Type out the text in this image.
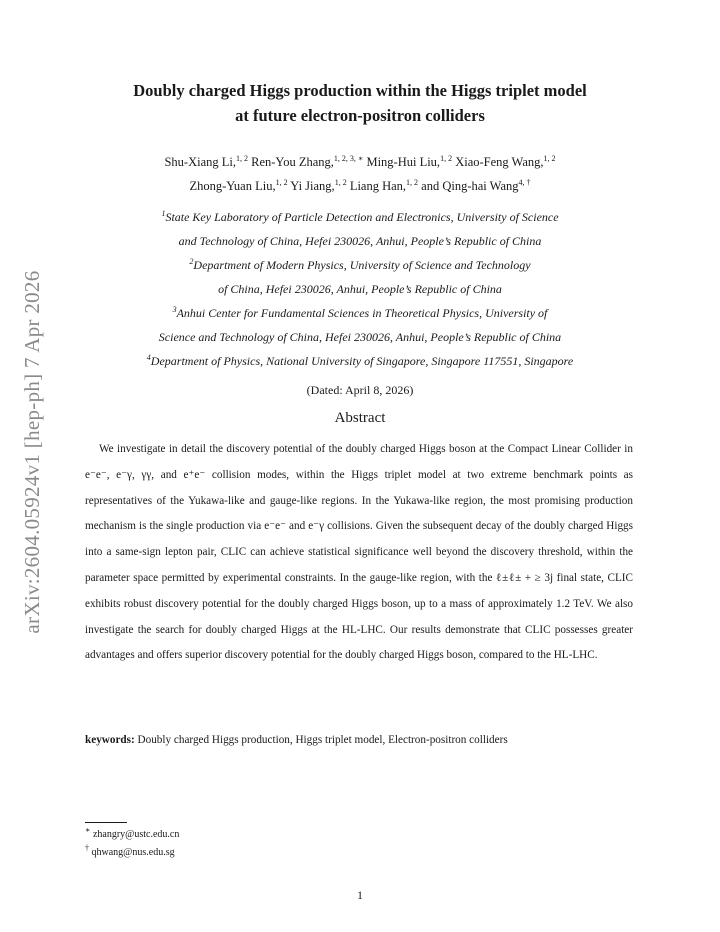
arXiv:2604.05924v1 [hep-ph] 7 Apr 2026
Doubly charged Higgs production within the Higgs triplet model
at future electron-positron colliders
Shu-Xiang Li,$^{1, 2}$ Ren-You Zhang,$^{1, 2, 3, ∗}$ Ming-Hui Liu,$^{1, 2}$ Xiao-Feng Wang,$^{1, 2}$
Zhong-Yuan Liu,$^{1, 2}$ Yi Jiang,$^{1, 2}$ Liang Han,$^{1, 2}$ and Qing-hai Wang$^{4, \dagger}$
$^1$State Key Laboratory of Particle Detection and Electronics, University of Science
and Technology of China, Hefei 230026, Anhui, People’s Republic of China
$^2$Department of Modern Physics, University of Science and Technology
of China, Hefei 230026, Anhui, People’s Republic of China
$^3$Anhui Center for Fundamental Sciences in Theoretical Physics, University of
Science and Technology of China, Hefei 230026, Anhui, People’s Republic of China
$^4$Department of Physics, National University of Singapore, Singapore 117551, Singapore
(Dated: April 8, 2026)
Abstract
We investigate in detail the discovery potential of the doubly charged Higgs boson at the Compact Linear Collider in e⁻e⁻, e⁻γ, γγ, and e⁺e⁻ collision modes, within the Higgs triplet model at two extreme benchmark points as representatives of the Yukawa-like and gauge-like regions. In the Yukawa-like region, the most promising production mechanism is the single production via e⁻e⁻ and e⁻γ collisions. Given the subsequent decay of the doubly charged Higgs into a same-sign lepton pair, CLIC can achieve statistical significance well beyond the discovery threshold, within the parameter space permitted by experimental constraints. In the gauge-like region, with the ℓ±ℓ± + ≥ 3j final state, CLIC exhibits robust discovery potential for the doubly charged Higgs boson, up to a mass of approximately 1.2 TeV. We also investigate the search for doubly charged Higgs at the HL-LHC. Our results demonstrate that CLIC possesses greater advantages and offers superior discovery potential for the doubly charged Higgs boson, compared to the HL-LHC.
keywords: Doubly charged Higgs production, Higgs triplet model, Electron-positron colliders
∗ zhangry@ustc.edu.cn
† qhwang@nus.edu.sg
1
